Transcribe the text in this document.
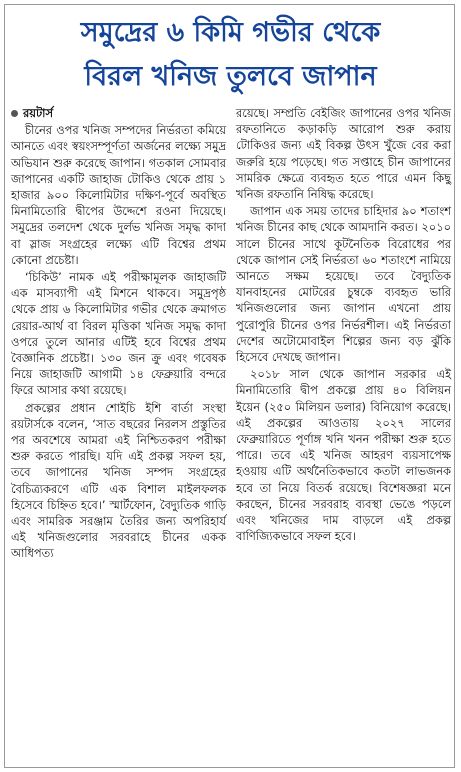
সমুদ্রের ৬ কিমি গভীর থেকে
বিরল খনিজ তুলবে জাপান
রয়টার্স

চীনের ওপর খনিজ সম্পদের নির্ভরতা কমিয়ে আনতে এবং স্বয়ংসম্পূর্ণতা অর্জনের লক্ষ্যে সমুদ্র অভিযান শুরু করেছে জাপান। গতকাল সোমবার জাপানের একটি জাহাজ টোকিও থেকে প্রায় ১ হাজার ৯০০ কিলোমিটার দক্ষিণ-পূর্বে অবস্থিত মিনামিতোরি দ্বীপের উদ্দেশে রওনা দিয়েছে। সমুদ্রের তলদেশ থেকে দুর্লভ খনিজ সমৃদ্ধ কাদা বা স্লাজ সংগ্রহের লক্ষ্যে এটি বিশ্বের প্রথম কোনো প্রচেষ্টা।

‘চিকিউ’ নামক এই পরীক্ষামূলক জাহাজটি এক মাসব্যাপী এই মিশনে থাকবে। সমুদ্রপৃষ্ঠ থেকে প্রায় ৬ কিলোমিটার গভীর থেকে ক্রমাগত রেয়ার-আর্থ বা বিরল মৃত্তিকা খনিজ সমৃদ্ধ কাদা ওপরে তুলে আনার এটিই হবে বিশ্বের প্রথম বৈজ্ঞানিক প্রচেষ্টা। ১৩০ জন ক্রু এবং গবেষক নিয়ে জাহাজটি আগামী ১৪ ফেব্রুয়ারি বন্দরে ফিরে আসার কথা রয়েছে।

প্রকল্পের প্রধান শোইচি ইশি বার্তা সংস্থা রয়টার্সকে বলেন, ‘সাত বছরের নিরলস প্রস্তুতির পর অবশেষে আমরা এই নিশ্চিতকরণ পরীক্ষা শুরু করতে পারছি। যদি এই প্রকল্প সফল হয়, তবে জাপানের খনিজ সম্পদ সংগ্রহের বৈচিত্র্যকরণে এটি এক বিশাল মাইলফলক হিসেবে চিহ্নিত হবে।’ স্মার্টফোন, বৈদ্যুতিক গাড়ি এবং সামরিক সরঞ্জাম তৈরির জন্য অপরিহার্য এই খনিজগুলোর সরবরাহে চীনের একক আধিপত্য

রয়েছে। সম্প্রতি বেইজিং জাপানের ওপর খনিজ রফতানিতে কড়াকড়ি আরোপ শুরু করায় টোকিওর জন্য এই বিকল্প উৎস খুঁজে বের করা জরুরি হয়ে পড়েছে। গত সপ্তাহে চীন জাপানের সামরিক ক্ষেত্রে ব্যবহৃত হতে পারে এমন কিছু খনিজ রফতানি নিষিদ্ধ করেছে।

জাপান এক সময় তাদের চাহিদার ৯০ শতাংশ খনিজ চীনের কাছ থেকে আমদানি করত। ২০১০ সালে চীনের সাথে কূটনৈতিক বিরোধের পর থেকে জাপান সেই নির্ভরতা ৬০ শতাংশে নামিয়ে আনতে সক্ষম হয়েছে। তবে বৈদ্যুতিক যানবাহনের মোটরের চুম্বকে ব্যবহৃত ভারি খনিজগুলোর জন্য জাপান এখনো প্রায় পুরোপুরি চীনের ওপর নির্ভরশীল। এই নির্ভরতা দেশের অটোমোবাইল শিল্পের জন্য বড় ঝুঁকি হিসেবে দেখছে জাপান।

২০১৮ সাল থেকে জাপান সরকার এই মিনামিতোরি দ্বীপ প্রকল্পে প্রায় ৪০ বিলিয়ন ইয়েন (২৫০ মিলিয়ন ডলার) বিনিয়োগ করেছে। এই প্রকল্পের আওতায় ২০২৭ সালের ফেব্রুয়ারিতে পূর্ণাঙ্গ খনি খনন পরীক্ষা শুরু হতে পারে। তবে এই খনিজ আহরণ ব্যয়সাপেক্ষ হওয়ায় এটি অর্থনৈতিকভাবে কতটা লাভজনক হবে তা নিয়ে বিতর্ক রয়েছে। বিশেষজ্ঞরা মনে করছেন, চীনের সরবরাহ ব্যবস্থা ভেঙে পড়লে এবং খনিজের দাম বাড়লে এই প্রকল্প বাণিজ্যিকভাবে সফল হবে।
